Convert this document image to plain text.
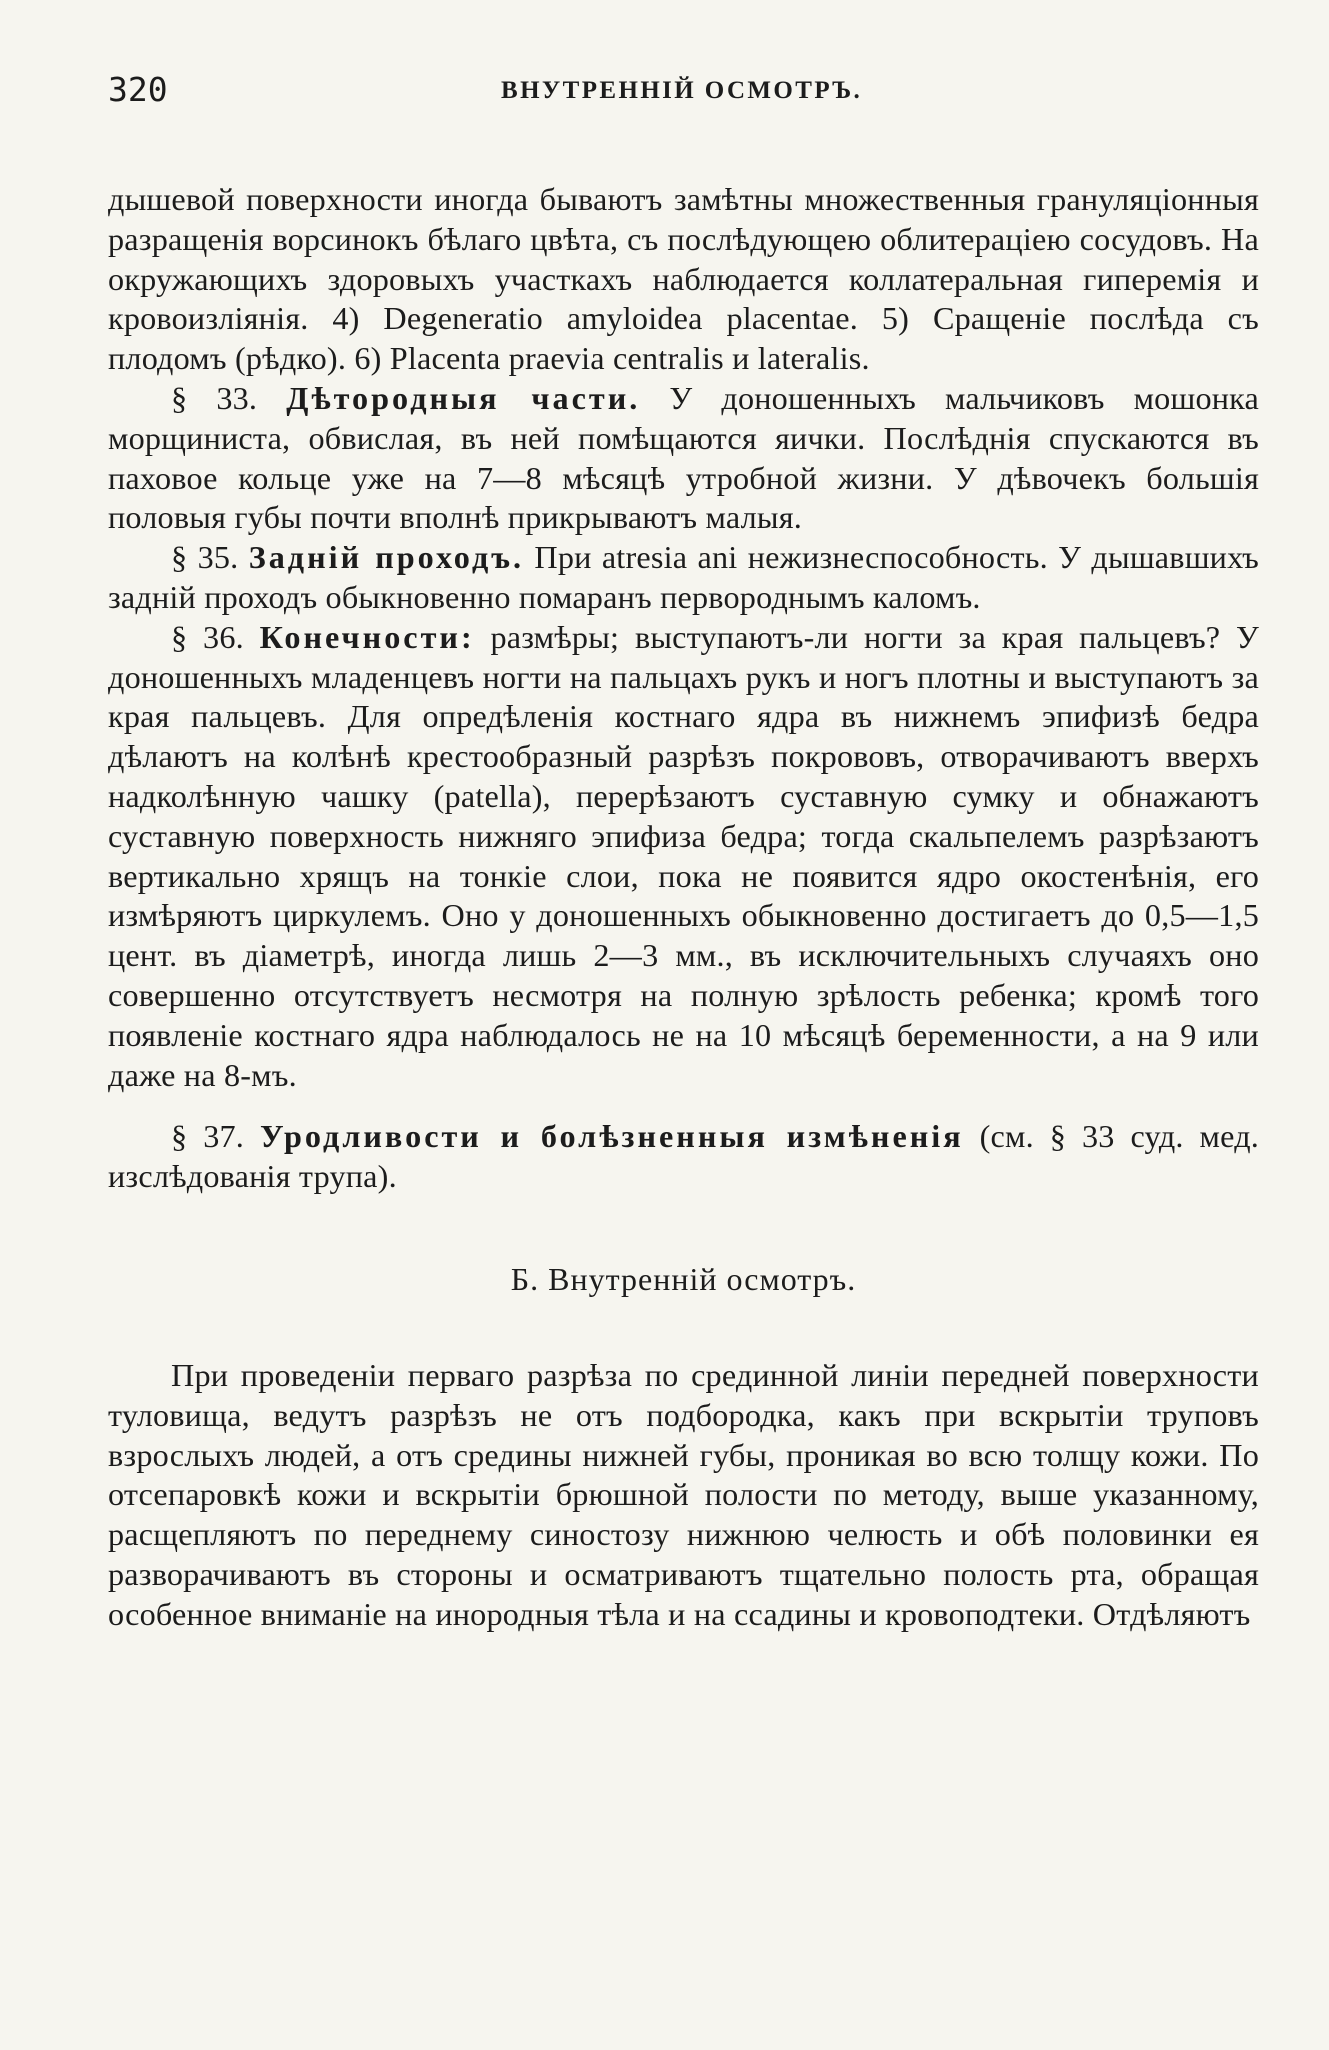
320	ВНУТРЕННІЙ ОСМОТРЪ.

дышевой поверхности иногда бываютъ замѣтны множественныя грануляціонныя разращенія ворсинокъ бѣлаго цвѣта, съ послѣдующею облитераціею сосудовъ. На окружающихъ здоровыхъ участкахъ наблюдается коллатеральная гиперемія и кровоизліянія. 4) Degeneratio amyloidea placentae. 5) Сращеніе послѣда съ плодомъ (рѣдко). 6) Placenta praevia centralis и lateralis.

§ 33. Дѣтородныя части. У доношенныхъ мальчиковъ мошонка морщиниста, обвислая, въ ней помѣщаются яички. Послѣднія спускаются въ паховое кольце уже на 7—8 мѣсяцѣ утробной жизни. У дѣвочекъ большія половыя губы почти вполнѣ прикрываютъ малыя.

§ 35. Задній проходъ. При atresia ani нежизнеспособность. У дышавшихъ задній проходъ обыкновенно помаранъ первороднымъ каломъ.

§ 36. Конечности: размѣры; выступаютъ-ли ногти за края пальцевъ? У доношенныхъ младенцевъ ногти на пальцахъ рукъ и ногъ плотны и выступаютъ за края пальцевъ. Для опредѣленія костнаго ядра въ нижнемъ эпифизѣ бедра дѣлаютъ на колѣнѣ крестообразный разрѣзъ покрововъ, отворачиваютъ вверхъ надколѣнную чашку (patella), перерѣзаютъ суставную сумку и обнажаютъ суставную поверхность нижняго эпифиза бедра; тогда скальпелемъ разрѣзаютъ вертикально хрящъ на тонкіе слои, пока не появится ядро окостенѣнія, его измѣряютъ циркулемъ. Оно у доношенныхъ обыкновенно достигаетъ до 0,5—1,5 цент. въ діаметрѣ, иногда лишь 2—3 мм., въ исключительныхъ случаяхъ оно совершенно отсутствуетъ несмотря на полную зрѣлость ребенка; кромѣ того появленіе костнаго ядра наблюдалось не на 10 мѣсяцѣ беременности, а на 9 или даже на 8-мъ.

§ 37. Уродливости и болѣзненныя измѣненія (см. § 33 суд. мед. изслѣдованія трупа).

Б. Внутренній осмотръ.

При проведеніи перваго разрѣза по срединной линіи передней поверхности туловища, ведутъ разрѣзъ не отъ подбородка, какъ при вскрытіи труповъ взрослыхъ людей, а отъ средины нижней губы, проникая во всю толщу кожи. По отсепаровкѣ кожи и вскрытіи брюшной полости по методу, выше указанному, расщепляютъ по переднему синостозу нижнюю челюсть и обѣ половинки ея разворачиваютъ въ стороны и осматриваютъ тщательно полость рта, обращая особенное вниманіе на инородныя тѣла и на ссадины и кровоподтеки. Отдѣляютъ
